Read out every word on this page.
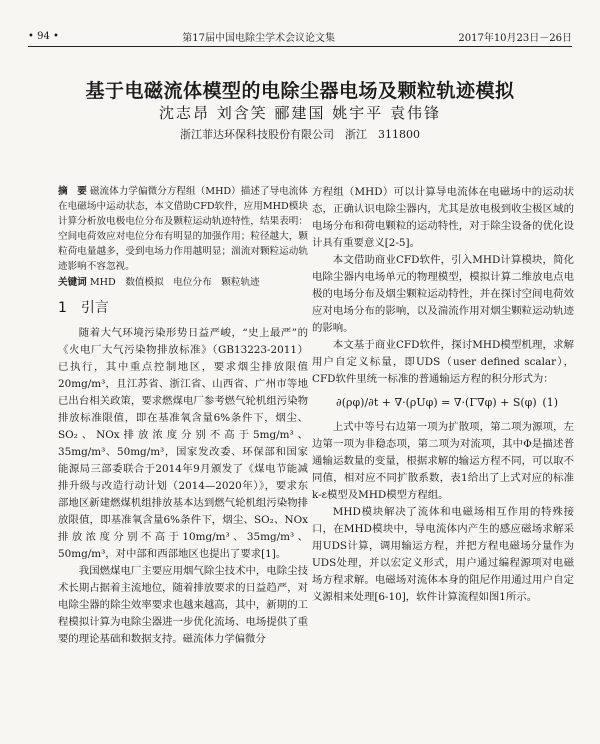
• 94 •	第17届中国电除尘学术会议论文集	2017年10月23日－26日
基于电磁流体模型的电除尘器电场及颗粒轨迹模拟
沈志昂 刘含笑 郦建国 姚宇平 袁伟锋
浙江菲达环保科技股份有限公司　浙江　311800
摘　要 磁流体力学偏微分方程组（MHD）描述了导电流体在电磁场中运动状态，本文借助CFD软件，应用MHD模块计算分析放电极电位分布及颗粒运动轨迹特性，结果表明：空间电荷效应对电位分布有明显的加强作用；粒径越大，颗粒荷电量越多，受到电场力作用越明显；湍流对颗粒运动轨迹影响不容忽视。
关键词 MHD　数值模拟　电位分布　颗粒轨迹
1　引言

随着大气环境污染形势日益严峻，“史上最严”的《火电厂大气污染物排放标准》（GB13223-2011）已执行，其中重点控制地区，要求烟尘排放限值20mg/m³，且江苏省、浙江省、山西省、广州市等地已出台相关政策，要求燃煤电厂参考燃气轮机组污染物排放标准限值，即在基准氧含量6%条件下，烟尘、SO₂、NOx排放浓度分别不高于5mg/m³、35mg/m³、50mg/m³，国家发改委、环保部和国家能源局三部委联合于2014年9月颁发了《煤电节能减排升级与改造行动计划（2014—2020年）》，要求东部地区新建燃煤机组排放基本达到燃气轮机组污染物排放限值，即基准氧含量6%条件下，烟尘、SO₂、NOx排放浓度分别不高于10mg/m³、35mg/m³、50mg/m³，对中部和西部地区也提出了要求[1]。

我国燃煤电厂主要应用烟气除尘技术中，电除尘技术长期占据着主流地位，随着排放要求的日益趋严，对电除尘器的除尘效率要求也越来越高，其中，新期的工程模拟计算为电除尘器进一步优化流场、电场提供了重要的理论基础和数据支持。磁流体力学偏微分

方程组（MHD）可以计算导电流体在电磁场中的运动状态，正确认识电除尘器内，尤其是放电极到收尘极区域的电场分布和荷电颗粒的运动特性，对于除尘设备的优化设计具有重要意义[2-5]。

本文借助商业CFD软件，引入MHD计算模块，简化电除尘器内电场单元的物理模型，模拟计算二维放电点电极的电场分布及烟尘颗粒运动特性，并在探讨空间电荷效应对电场分布的影响，以及湍流作用对烟尘颗粒运动轨迹的影响。

本文基于商业CFD软件，探讨MHD模型机理，求解用户自定义标量，即UDS（user defined scalar），CFD软件里统一标准的普通输运方程的积分形式为：

∂(ρφ)/∂t + ∇·(ρUφ) = ∇·(Γ∇φ) + S(φ) (1)

上式中等号右边第一项为扩散项，第二项为源项，左边第一项为非稳态项，第二项为对流项，其中Φ是描述普通输运数量的变量，根据求解的输运方程不同，可以取不同值，相对应不同扩散系数，表1给出了上式对应的标准k-ε模型及MHD模型方程组。

MHD模块解决了流体和电磁场相互作用的特殊接口，在MHD模块中，导电流体内产生的感应磁场求解采用UDS计算，调用输运方程，并把方程电磁场分量作为UDS处理，并以宏定义形式，用户通过编程源项对电磁场方程求解。电磁场对流体本身的阻尼作用通过用户自定义源相来处理[6-10]，软件计算流程如图1所示。
